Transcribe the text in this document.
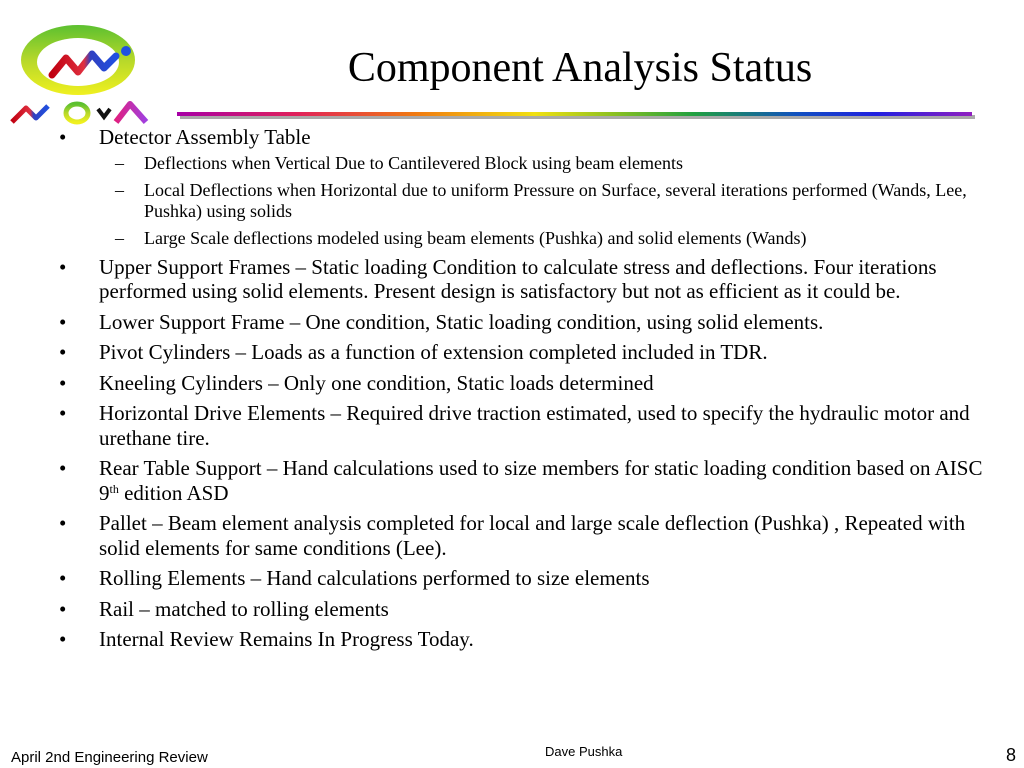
Component Analysis Status
• Detector Assembly Table
– Deflections when Vertical Due to Cantilevered Block using beam elements
– Local Deflections when Horizontal due to uniform Pressure on Surface, several iterations performed (Wands, Lee, Pushka) using solids
– Large Scale deflections modeled using beam elements (Pushka) and solid elements (Wands)
• Upper Support Frames – Static loading Condition to calculate stress and deflections. Four iterations performed using solid elements. Present design is satisfactory but not as efficient as it could be.
• Lower Support Frame – One condition, Static loading condition, using solid elements.
• Pivot Cylinders – Loads as a function of extension completed included in TDR.
• Kneeling Cylinders – Only one condition, Static loads determined
• Horizontal Drive Elements – Required drive traction estimated, used to specify the hydraulic motor and urethane tire.
• Rear Table Support – Hand calculations used to size members for static loading condition based on AISC 9th edition ASD
• Pallet – Beam element analysis completed for local and large scale deflection (Pushka) , Repeated with solid elements for same conditions (Lee).
• Rolling Elements – Hand calculations performed to size elements
• Rail – matched to rolling elements
• Internal Review Remains In Progress Today.
April 2nd Engineering Review	Dave Pushka	8
